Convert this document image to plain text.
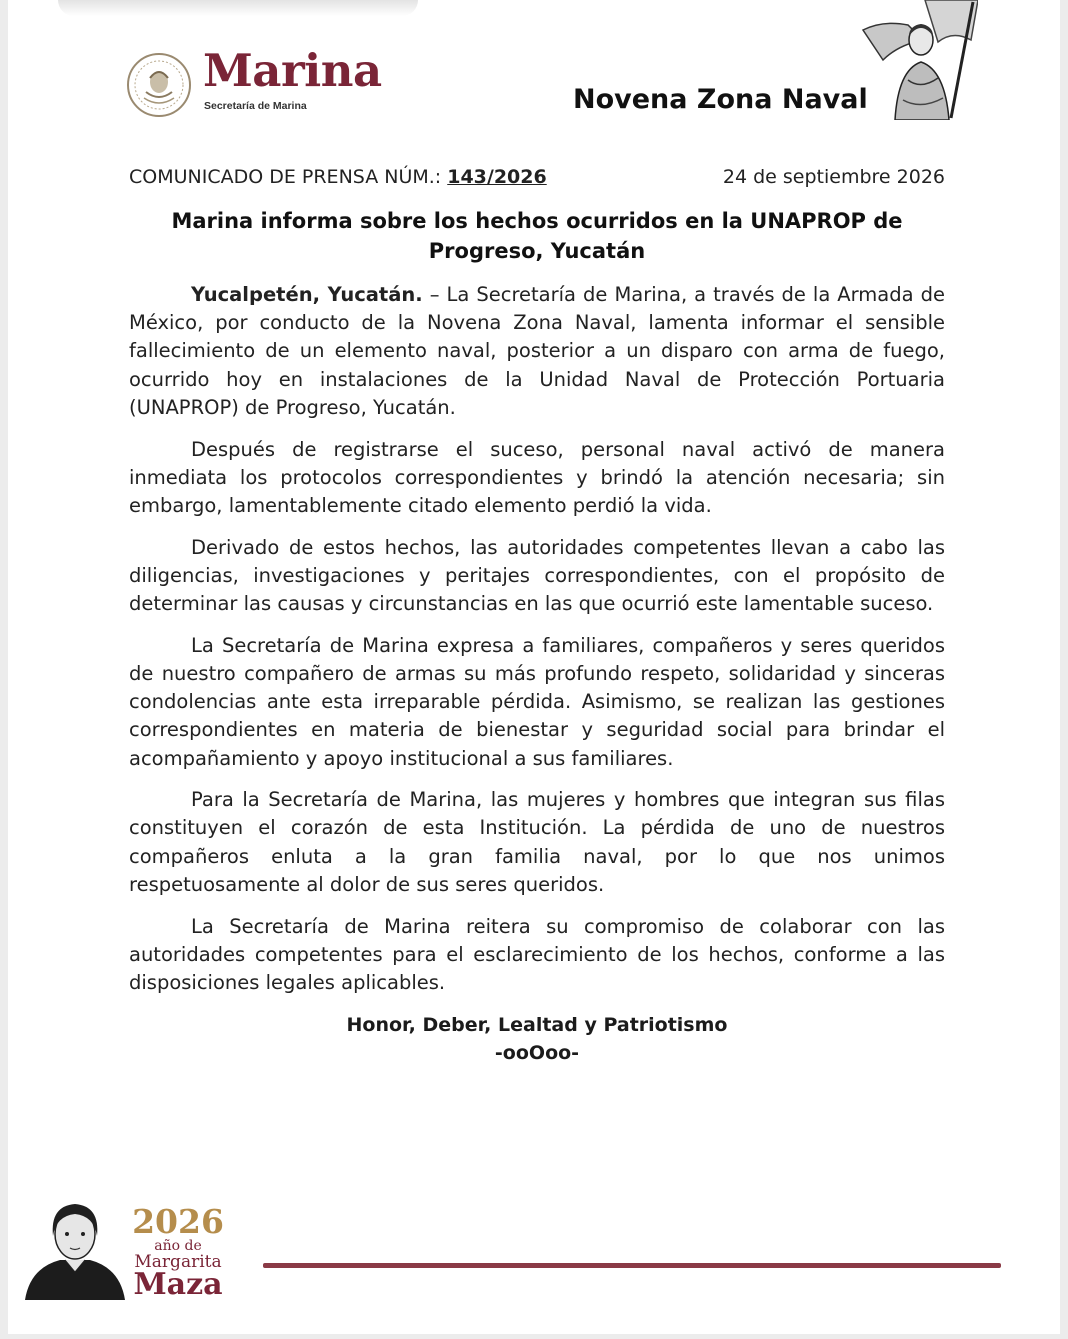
Marina
Secretaría de Marina	Novena Zona Naval
COMUNICADO DE PRENSA NÚM.: 143/2026	24 de septiembre 2026
Marina informa sobre los hechos ocurridos en la UNAPROP de Progreso, Yucatán

Yucalpetén, Yucatán. – La Secretaría de Marina, a través de la Armada de México, por conducto de la Novena Zona Naval, lamenta informar el sensible fallecimiento de un elemento naval, posterior a un disparo con arma de fuego, ocurrido hoy en instalaciones de la Unidad Naval de Protección Portuaria (UNAPROP) de Progreso, Yucatán.

Después de registrarse el suceso, personal naval activó de manera inmediata los protocolos correspondientes y brindó la atención necesaria; sin embargo, lamentablemente citado elemento perdió la vida.

Derivado de estos hechos, las autoridades competentes llevan a cabo las diligencias, investigaciones y peritajes correspondientes, con el propósito de determinar las causas y circunstancias en las que ocurrió este lamentable suceso.

La Secretaría de Marina expresa a familiares, compañeros y seres queridos de nuestro compañero de armas su más profundo respeto, solidaridad y sinceras condolencias ante esta irreparable pérdida. Asimismo, se realizan las gestiones correspondientes en materia de bienestar y seguridad social para brindar el acompañamiento y apoyo institucional a sus familiares.

Para la Secretaría de Marina, las mujeres y hombres que integran sus filas constituyen el corazón de esta Institución. La pérdida de uno de nuestros compañeros enluta a la gran familia naval, por lo que nos unimos respetuosamente al dolor de sus seres queridos.

La Secretaría de Marina reitera su compromiso de colaborar con las autoridades competentes para el esclarecimiento de los hechos, conforme a las disposiciones legales aplicables.

Honor, Deber, Lealtad y Patriotismo
-ooOoo-
2026
año de
Margarita
Maza
